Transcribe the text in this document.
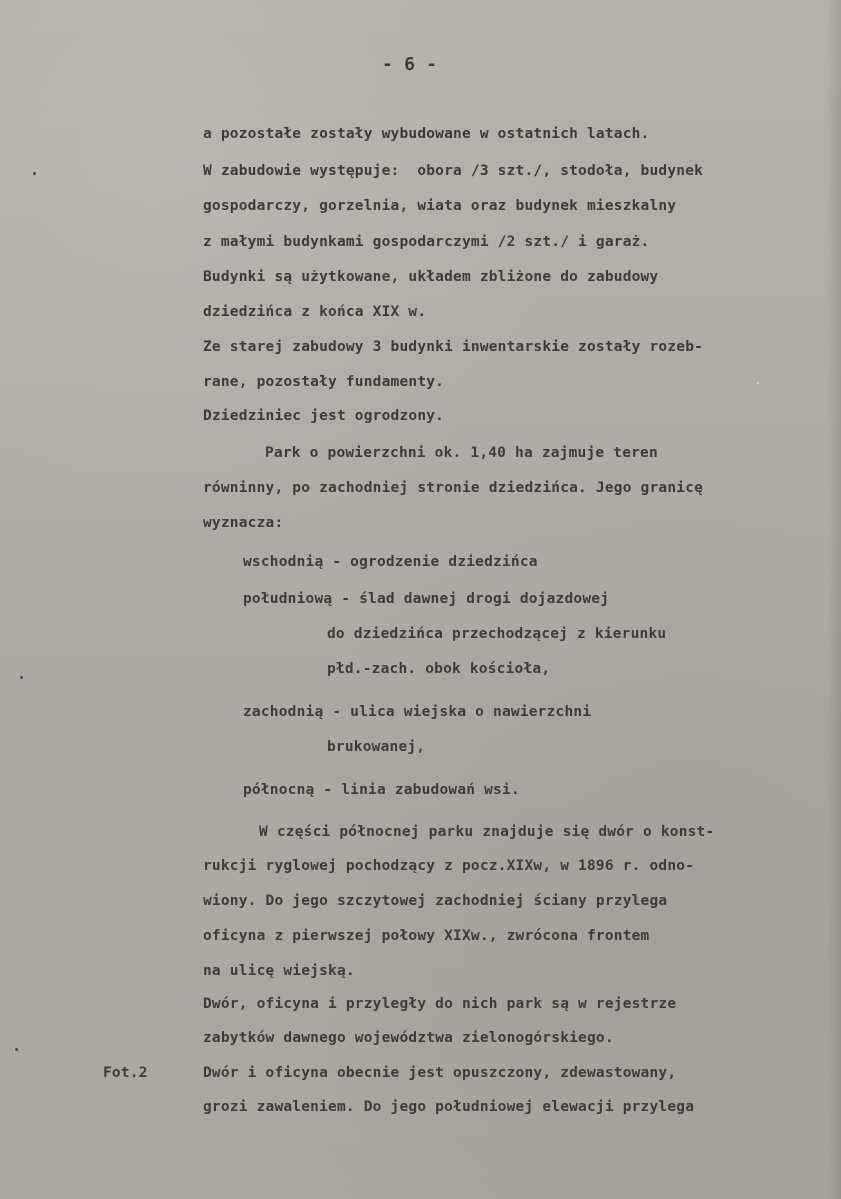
- 6 -
a pozostałe zostały wybudowane w ostatnich latach.
W zabudowie występuje:  obora /3 szt./, stodoła, budynek
gospodarczy, gorzelnia, wiata oraz budynek mieszkalny
z małymi budynkami gospodarczymi /2 szt./ i garaż.
Budynki są użytkowane, układem zbliżone do zabudowy
dziedzińca z końca XIX w.
Ze starej zabudowy 3 budynki inwentarskie zostały rozeb-
rane, pozostały fundamenty.
Dziedziniec jest ogrodzony.
Park o powierzchni ok. 1,40 ha zajmuje teren
równinny, po zachodniej stronie dziedzińca. Jego granicę
wyznacza:
wschodnią - ogrodzenie dziedzińca
południową - ślad dawnej drogi dojazdowej
do dziedzińca przechodzącej z kierunku
płd.-zach. obok kościoła,
zachodnią - ulica wiejska o nawierzchni
brukowanej,
północną - linia zabudowań wsi.
W części północnej parku znajduje się dwór o konst-
rukcji ryglowej pochodzący z pocz.XIXw, w 1896 r. odno-
wiony. Do jego szczytowej zachodniej ściany przylega
oficyna z pierwszej połowy XIXw., zwrócona frontem
na ulicę wiejską.
Dwór, oficyna i przyległy do nich park są w rejestrze
zabytków dawnego województwa zielonogórskiego.
Dwór i oficyna obecnie jest opuszczony, zdewastowany,
grozi zawaleniem. Do jego południowej elewacji przylega
Fot.2
